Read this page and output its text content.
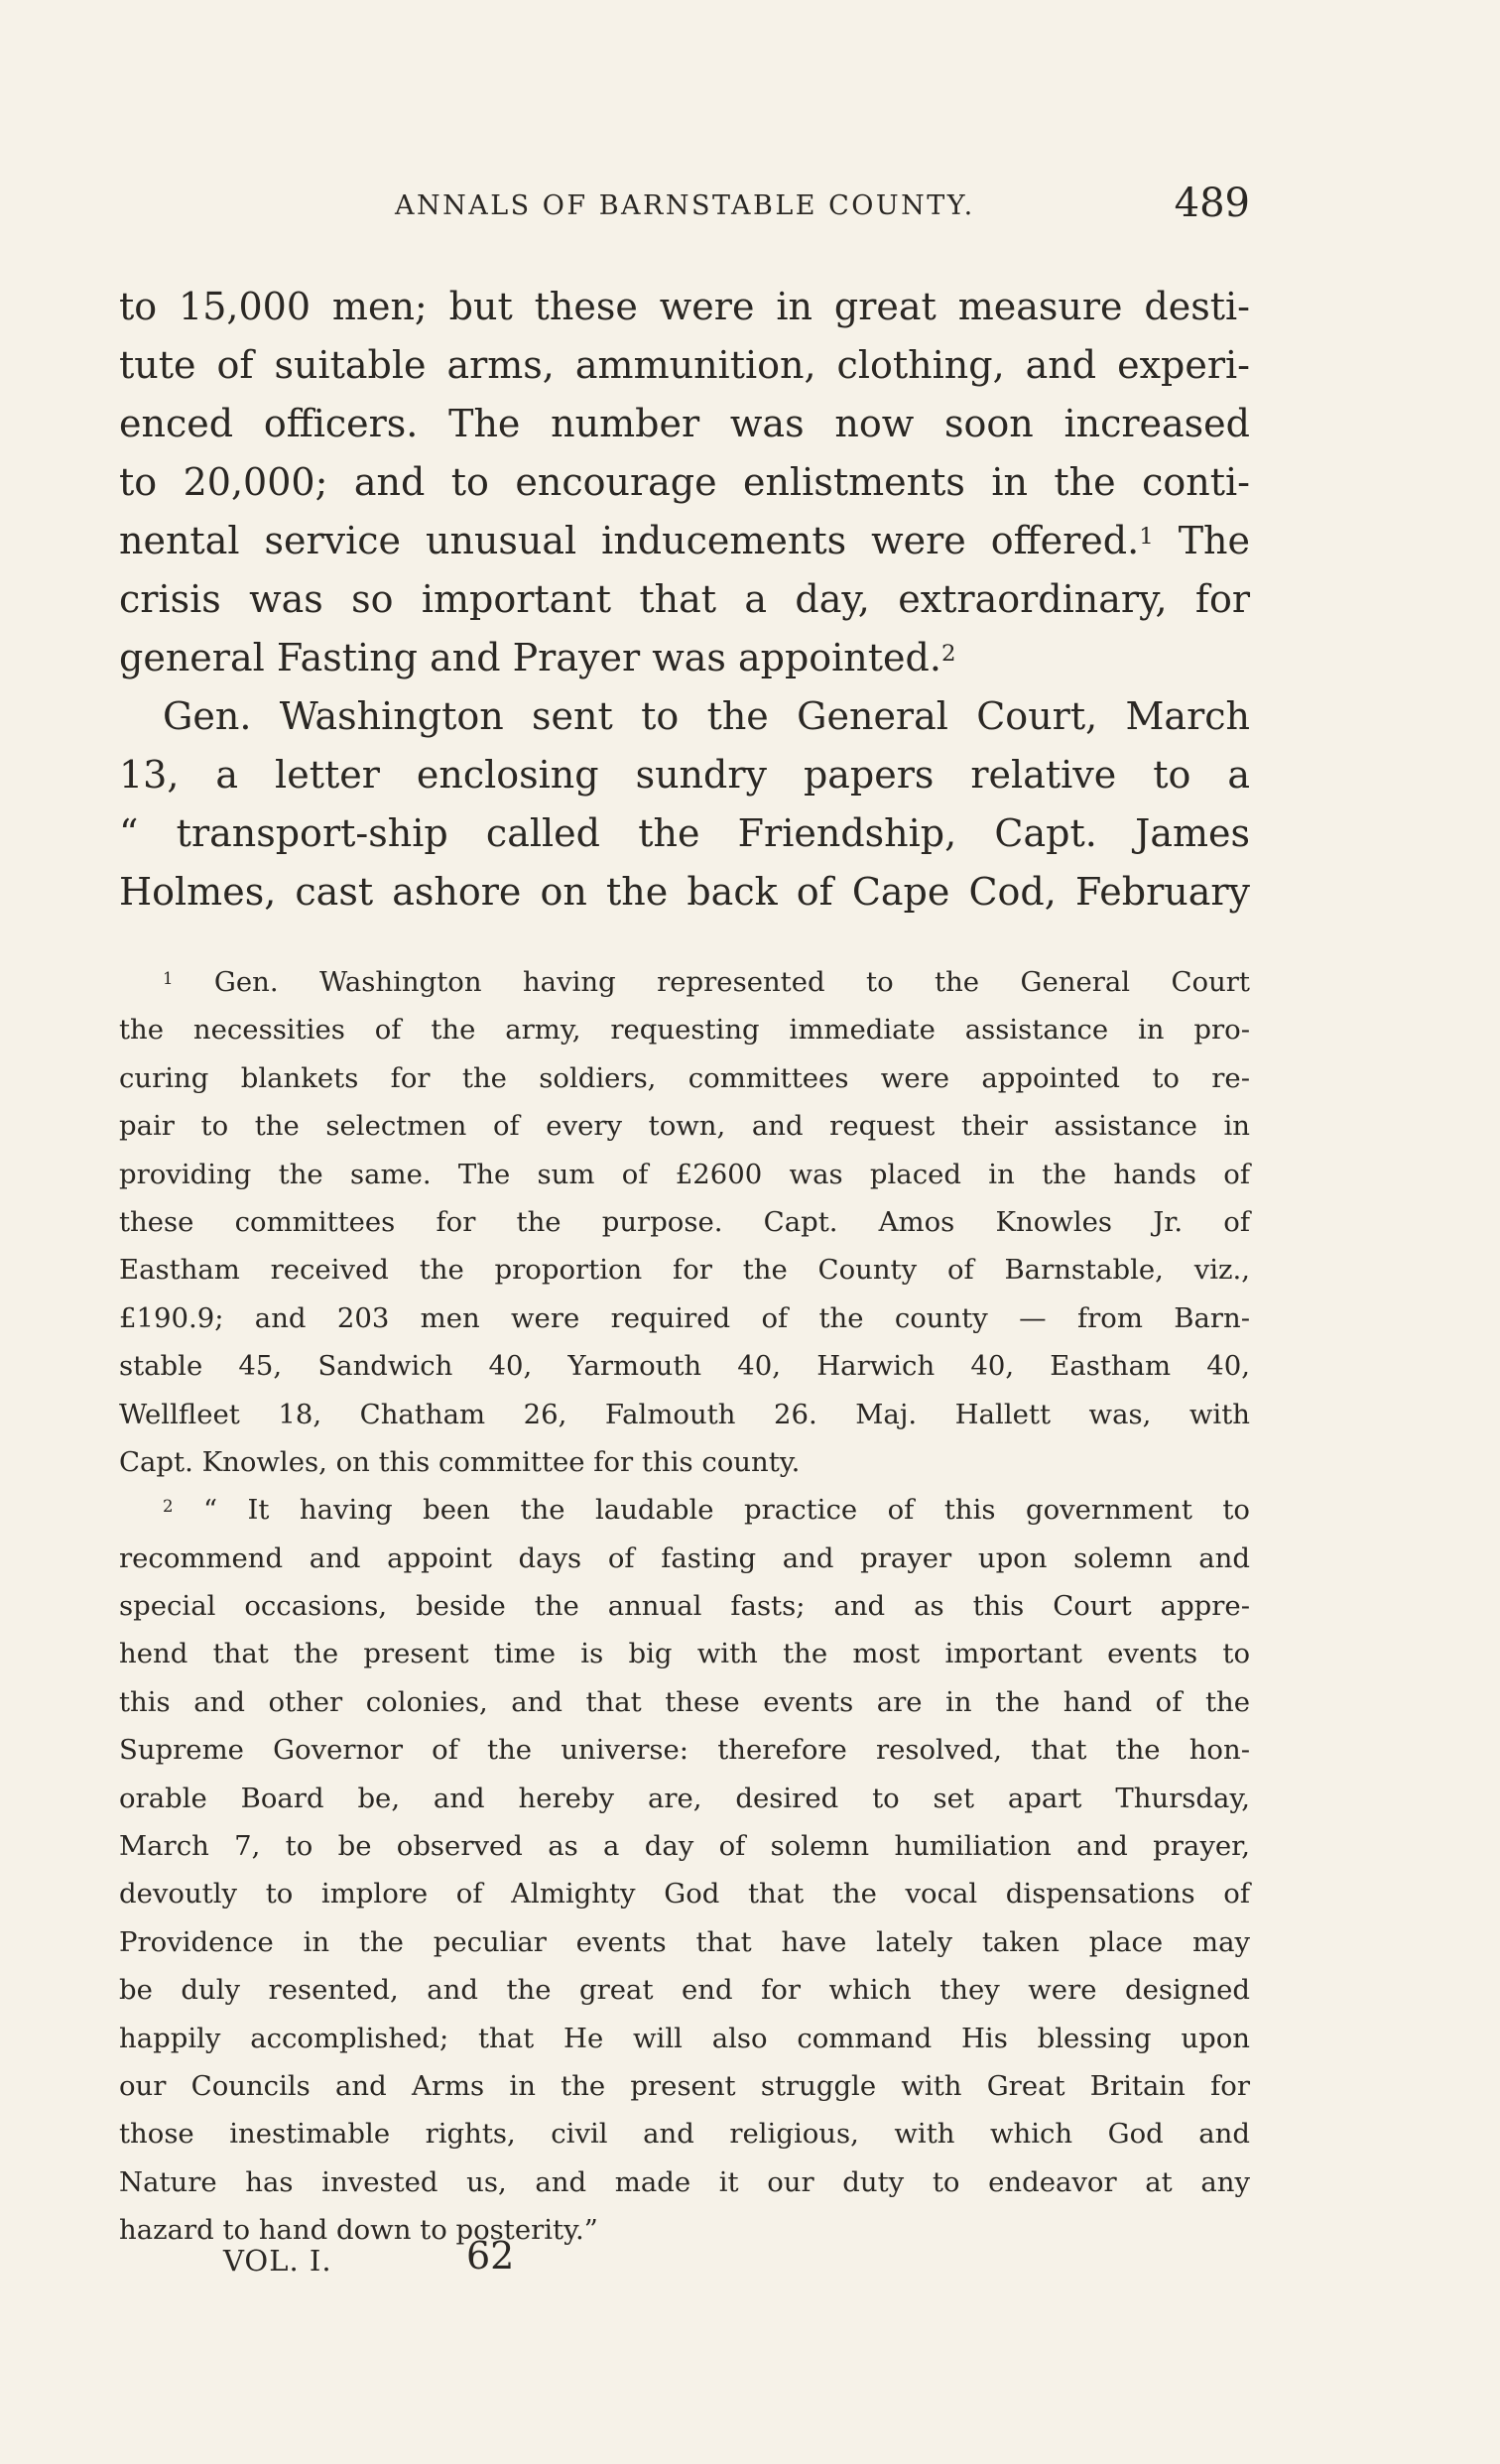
ANNALS OF BARNSTABLE COUNTY.	489
to 15,000 men; but these were in great measure desti-
tute of suitable arms, ammunition, clothing, and experi-
enced officers. The number was now soon increased
to 20,000; and to encourage enlistments in the conti-
nental service unusual inducements were offered.$^1$ The
crisis was so important that a day, extraordinary, for
general Fasting and Prayer was appointed.$^2$
Gen. Washington sent to the General Court, March
13, a letter enclosing sundry papers relative to a
“ transport-ship called the Friendship, Capt. James
Holmes, cast ashore on the back of Cape Cod, February
$^1$ Gen. Washington having represented to the General Court
the necessities of the army, requesting immediate assistance in pro-
curing blankets for the soldiers, committees were appointed to re-
pair to the selectmen of every town, and request their assistance in
providing the same. The sum of £2600 was placed in the hands of
these committees for the purpose. Capt. Amos Knowles Jr. of
Eastham received the proportion for the County of Barnstable, viz.,
£190.9; and 203 men were required of the county — from Barn-
stable 45, Sandwich 40, Yarmouth 40, Harwich 40, Eastham 40,
Wellfleet 18, Chatham 26, Falmouth 26. Maj. Hallett was, with
Capt. Knowles, on this committee for this county.
$^2$ “ It having been the laudable practice of this government to
recommend and appoint days of fasting and prayer upon solemn and
special occasions, beside the annual fasts; and as this Court appre-
hend that the present time is big with the most important events to
this and other colonies, and that these events are in the hand of the
Supreme Governor of the universe: therefore resolved, that the hon-
orable Board be, and hereby are, desired to set apart Thursday,
March 7, to be observed as a day of solemn humiliation and prayer,
devoutly to implore of Almighty God that the vocal dispensations of
Providence in the peculiar events that have lately taken place may
be duly resented, and the great end for which they were designed
happily accomplished; that He will also command His blessing upon
our Councils and Arms in the present struggle with Great Britain for
those inestimable rights, civil and religious, with which God and
Nature has invested us, and made it our duty to endeavor at any
hazard to hand down to posterity.”
VOL. I.	62
